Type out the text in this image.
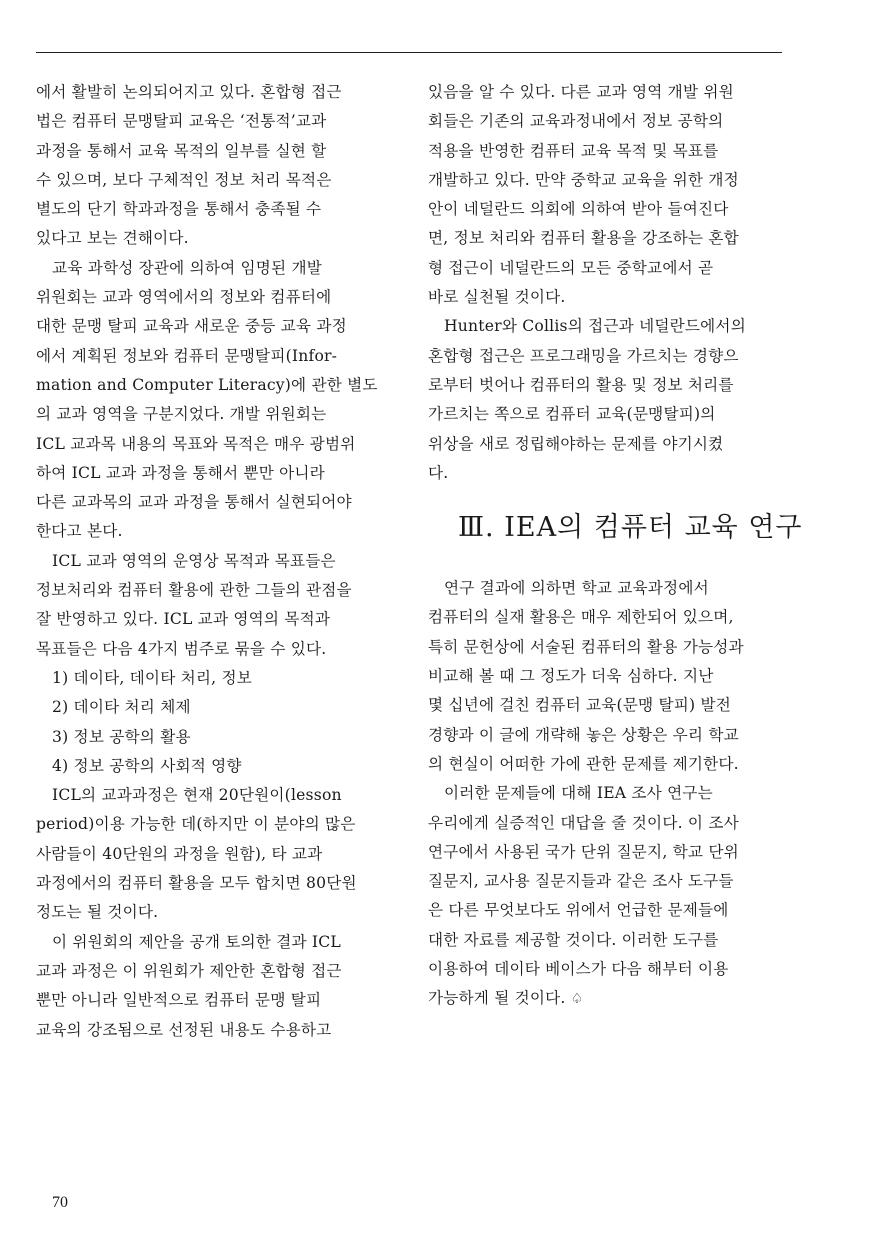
에서 활발히 논의되어지고 있다. 혼합형 접근
법은 컴퓨터 문맹탈피 교육은 ‘전통적’교과
과정을 통해서 교육 목적의 일부를 실현 할
수 있으며, 보다 구체적인 정보 처리 목적은
별도의 단기 학과과정을 통해서 충족될 수
있다고 보는 견해이다.
교육 과학성 장관에 의하여 임명된 개발
위원회는 교과 영역에서의 정보와 컴퓨터에
대한 문맹 탈피 교육과 새로운 중등 교육 과정
에서 계획된 정보와 컴퓨터 문맹탈피(Infor-
mation and Computer Literacy)에 관한 별도
의 교과 영역을 구분지었다. 개발 위원회는
ICL 교과목 내용의 목표와 목적은 매우 광범위
하여 ICL 교과 과정을 통해서 뿐만 아니라
다른 교과목의 교과 과정을 통해서 실현되어야
한다고 본다.
ICL 교과 영역의 운영상 목적과 목표들은
정보처리와 컴퓨터 활용에 관한 그들의 관점을
잘 반영하고 있다. ICL 교과 영역의 목적과
목표들은 다음 4가지 범주로 묶을 수 있다.
1) 데이타, 데이타 처리, 정보
2) 데이타 처리 체제
3) 정보 공학의 활용
4) 정보 공학의 사회적 영향
ICL의 교과과정은 현재 20단원이(lesson
period)이용 가능한 데(하지만 이 분야의 많은
사람들이 40단원의 과정을 원함), 타 교과
과정에서의 컴퓨터 활용을 모두 합치면 80단원
정도는 될 것이다.
이 위원회의 제안을 공개 토의한 결과 ICL
교과 과정은 이 위원회가 제안한 혼합형 접근
뿐만 아니라 일반적으로 컴퓨터 문맹 탈피
교육의 강조됨으로 선정된 내용도 수용하고
있음을 알 수 있다. 다른 교과 영역 개발 위원
회들은 기존의 교육과정내에서 정보 공학의
적용을 반영한 컴퓨터 교육 목적 및 목표를
개발하고 있다. 만약 중학교 교육을 위한 개정
안이 네덜란드 의회에 의하여 받아 들여진다
면, 정보 처리와 컴퓨터 활용을 강조하는 혼합
형 접근이 네덜란드의 모든 중학교에서 곧
바로 실천될 것이다.
Hunter와 Collis의 접근과 네덜란드에서의
혼합형 접근은 프로그래밍을 가르치는 경향으
로부터 벗어나 컴퓨터의 활용 및 정보 처리를
가르치는 쪽으로 컴퓨터 교육(문맹탈피)의
위상을 새로 정립해야하는 문제를 야기시켰
다.
Ⅲ. IEA의 컴퓨터 교육 연구
연구 결과에 의하면 학교 교육과정에서
컴퓨터의 실재 활용은 매우 제한되어 있으며,
특히 문헌상에 서술된 컴퓨터의 활용 가능성과
비교해 볼 때 그 정도가 더욱 심하다. 지난
몇 십년에 걸친 컴퓨터 교육(문맹 탈피) 발전
경향과 이 글에 개략해 놓은 상황은 우리 학교
의 현실이 어떠한 가에 관한 문제를 제기한다.
이러한 문제들에 대해 IEA 조사 연구는
우리에게 실증적인 대답을 줄 것이다. 이 조사
연구에서 사용된 국가 단위 질문지, 학교 단위
질문지, 교사용 질문지들과 같은 조사 도구들
은 다른 무엇보다도 위에서 언급한 문제들에
대한 자료를 제공할 것이다. 이러한 도구를
이용하여 데이타 베이스가 다음 해부터 이용
가능하게 될 것이다. ♤
70
